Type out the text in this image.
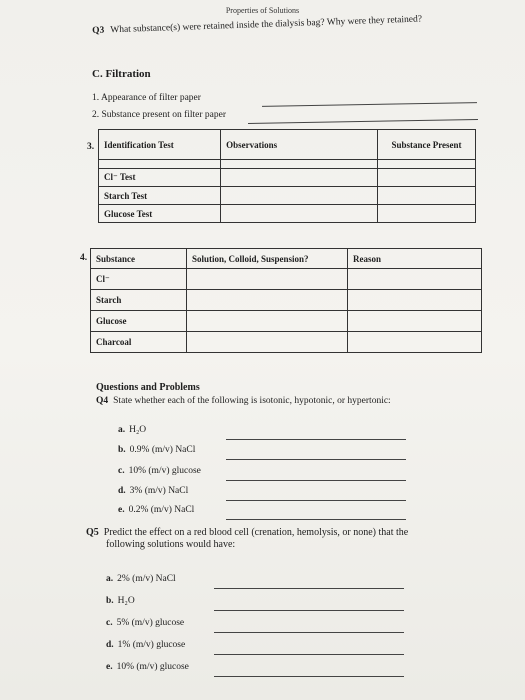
Properties of Solutions
Q3 What substance(s) were retained inside the dialysis bag? Why were they retained?
C. Filtration
1. Appearance of filter paper
2. Substance present on filter paper
3. Identification Test	Observations	Substance Present

Cl⁻ Test		
Starch Test		
Glucose Test		
4. Substance	Solution, Colloid, Suspension?	Reason
Cl⁻		
Starch		
Glucose		
Charcoal		
Questions and Problems
Q4 State whether each of the following is isotonic, hypotonic, or hypertonic:
a. H₂O
b. 0.9% (m/v) NaCl
c. 10% (m/v) glucose
d. 3% (m/v) NaCl
e. 0.2% (m/v) NaCl
Q5 Predict the effect on a red blood cell (crenation, hemolysis, or none) that the
following solutions would have:
a. 2% (m/v) NaCl
b. H₂O
c. 5% (m/v) glucose
d. 1% (m/v) glucose
e. 10% (m/v) glucose
